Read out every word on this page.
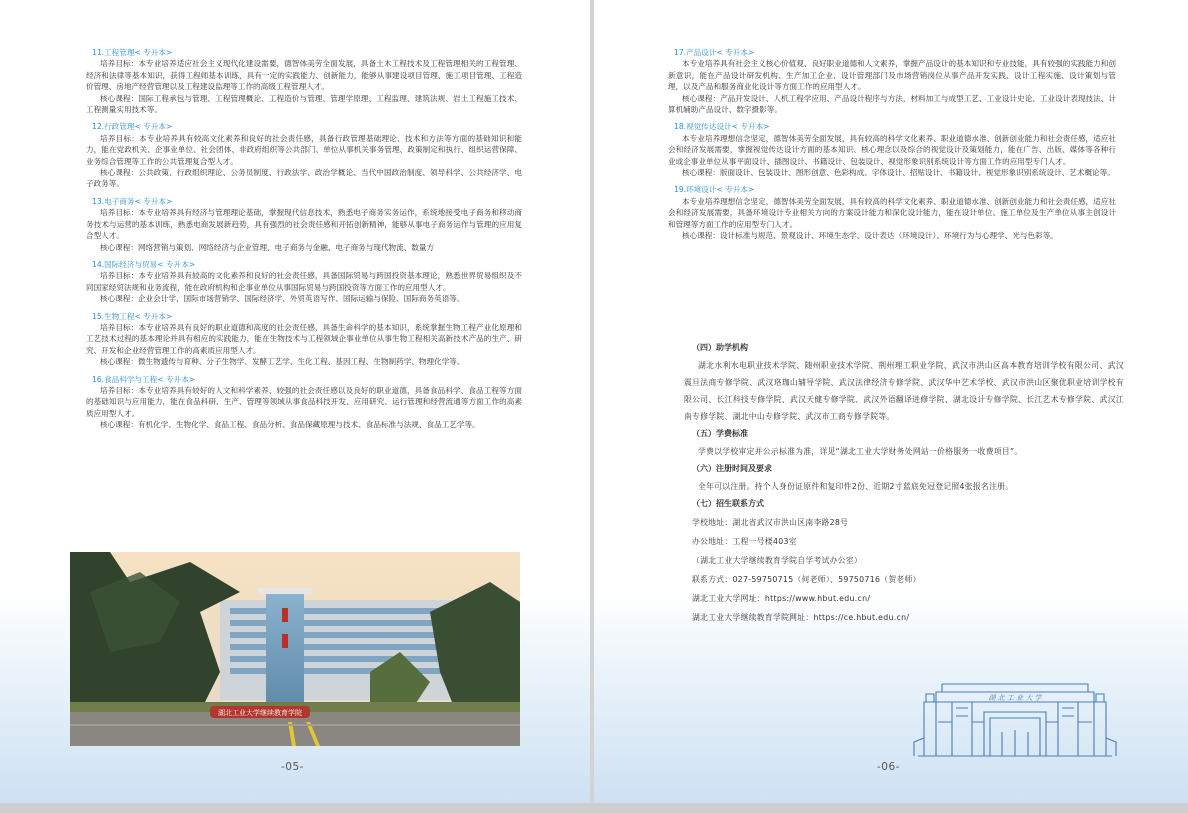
11.工程管理< 专升本>

培养目标：本专业培养适应社会主义现代化建设需要，德智体美劳全面发展，具备土木工程技术及工程管理相关的工程管理、经济和法律等基本知识，获得工程师基本训练，具有一定的实践能力、创新能力，能够从事建设项目管理、施工项目管理、工程造价管理、房地产经营管理以及工程建设监理等工作的高级工程管理人才。

核心课程：国际工程承包与管理、工程管理概论、工程造价与管理、管理学原理、工程监理、建筑法规、岩土工程施工技术、工程测量实用技术等。

12.行政管理< 专升本>

培养目标：本专业培养具有较高文化素养和良好的社会责任感，具备行政管理基础理论、技术和方法等方面的基础知识和能力，能在党政机关、企事业单位、社会团体、非政府组织等公共部门、单位从事机关事务管理、政策制定和执行、组织运营保障、业务综合管理等工作的公共管理复合型人才。

核心课程：公共政策、行政组织理论、公务员制度、行政法学、政治学概论、当代中国政治制度、领导科学、公共经济学、电子政务等。

13.电子商务< 专升本>

培养目标：本专业培养具有经济与管理理论基础，掌握现代信息技术，熟悉电子商务实务运作，系统地接受电子商务和移动商务技术与运营的基本训练，熟悉电商发展新趋势，具有强烈的社会责任感和开拓创新精神，能够从事电子商务运作与管理的应用复合型人才。

核心课程：网络营销与策划、网络经济与企业管理、电子商务与金融、电子商务与现代物流、数量方

14.国际经济与贸易< 专升本>

培养目标：本专业培养具有较高的文化素养和良好的社会责任感，具备国际贸易与跨国投资基本理论，熟悉世界贸易组织及不同国家经贸法规和业务流程，能在政府机构和企事业单位从事国际贸易与跨国投资等方面工作的应用型人才。

核心课程：企业会计学、国际市场营销学、国际经济学、外贸英语写作、国际运输与保险、国际商务英语等。

15.生物工程< 专升本>

培养目标：本专业培养具有良好的职业道德和高度的社会责任感，具备生命科学的基本知识，系统掌握生物工程产业化原理和工艺技术过程的基本理论并具有相应的实践能力，能在生物技术与工程领域企事业单位从事生物工程相关高新技术产品的生产、研究、开发和企业经营管理工作的高素质应用型人才。

核心课程：微生物遗传与育种、分子生物学、发酵工艺学、生化工程、基因工程、生物制药学、物理化学等。

16.食品科学与工程< 专升本>

培养目标：本专业培养具有较好的人文和科学素养、较强的社会责任感以及良好的职业道德，具备食品科学、食品工程等方面的基础知识与应用能力，能在食品科研、生产、管理等领域从事食品科技开发、应用研究、运行管理和经营流通等方面工作的高素质应用型人才。

核心课程：有机化学、生物化学、食品工程、食品分析、食品保藏原理与技术、食品标准与法规、食品工艺学等。

湖北工业大学继续教育学院
-05-
17.产品设计< 专升本>

本专业培养具有社会主义核心价值观、良好职业道德和人文素养，掌握产品设计的基本知识和专业技能，具有较强的实践能力和创新意识，能在产品设计研发机构、生产加工企业、设计管理部门及市场营销岗位从事产品开发实践、设计工程实施、设计策划与管理，以及产品和服务商业化设计等方面工作的应用型人才。

核心课程：产品开发设计、人机工程学应用、产品设计程序与方法，材料加工与成型工艺、工业设计史论、工业设计表现技法、计算机辅助产品设计、数字摄影等。

18.视觉传达设计< 专升本>

本专业培养理想信念坚定，德智体美劳全面发展，具有较高的科学文化素养、职业道德水准、创新创业能力和社会责任感，适应社会和经济发展需要，掌握视觉传达设计方面的基本知识、核心理念以及综合的视觉设计及策划能力，能在广告、出版、媒体等各种行业或企事业单位从事平面设计、插图设计、书籍设计、包装设计、视觉形象识别系统设计等方面工作的应用型专门人才。

核心课程：版面设计、包装设计、图形创意、色彩构成、字体设计、招贴设计、书籍设计、视觉形象识别系统设计、艺术概论等。

19.环境设计< 专升本>

本专业培养理想信念坚定，德智体美劳全面发展，具有较高的科学文化素养、职业道德水准、创新创业能力和社会责任感，适应社会和经济发展需要，具备环境设计专业相关方向的方案设计能力和深化设计能力，能在设计单位、施工单位及生产单位从事主创设计和管理等方面工作的应用型专门人才。

核心课程：设计标准与规范、景观设计、环境生态学、设计表达（环境设计）、环境行为与心理学、光与色彩等。

（四）助学机构

湖北水利水电职业技术学院、随州职业技术学院、荆州理工职业学院、武汉市洪山区高本教育培训学校有限公司、武汉震旦法商专修学院、武汉珞珈山辅导学院、武汉法律经济专修学院、武汉华中艺术学校、武汉市洪山区聚优职业培训学校有限公司、长江科技专修学院、武汉天健专修学院、武汉外语翻译进修学院、湖北设计专修学院、长江艺术专修学院、武汉江南专修学院、湖北中山专修学院、武汉市工商专修学院等。

（五）学费标准

学费以学校审定并公示标准为准，详见“湖北工业大学财务处网站一价格服务一收费项目”。

（六）注册时间及要求

全年可以注册。持个人身份证原件和复印件2份、近期2寸蓝底免冠登记照4张报名注册。

（七）招生联系方式

学校地址：湖北省武汉市洪山区南李路28号
办公地址：工程一号楼403室
（湖北工业大学继续教育学院自学考试办公室）
联系方式：027-59750715（何老师）、59750716（贺老师）
湖北工业大学网址：https://www.hbut.edu.cn/
湖北工业大学继续教育学院网址：https://ce.hbut.edu.cn/
-06-
湖 北 工 业 大 学
